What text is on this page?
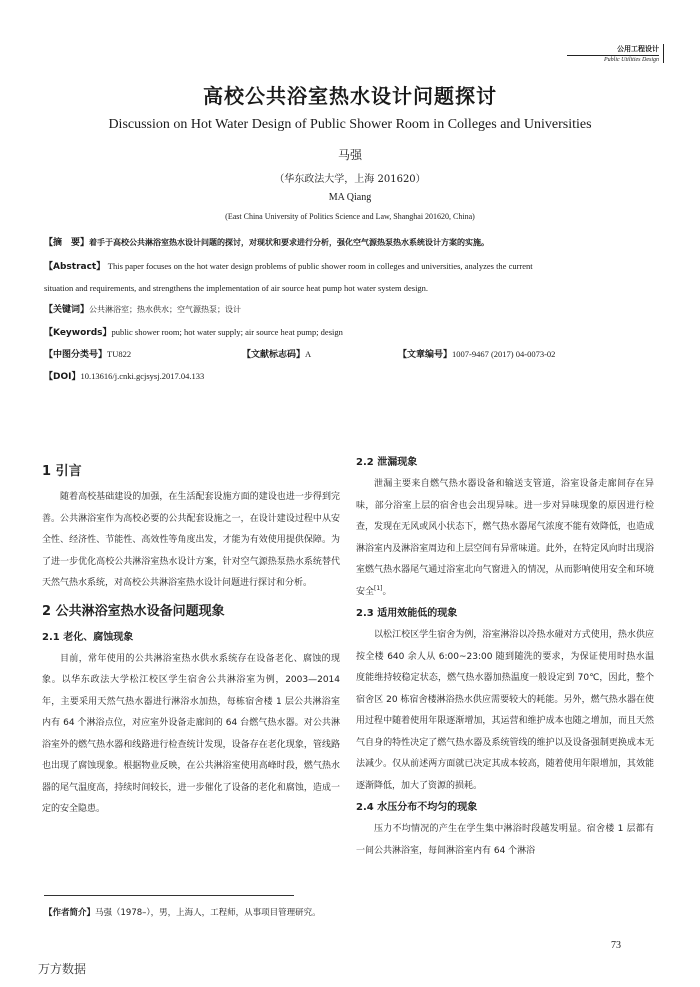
公用工程设计
Public Utilities Design
高校公共浴室热水设计问题探讨
Discussion on Hot Water Design of Public Shower Room in Colleges and Universities
马强
（华东政法大学，上海 201620）
MA Qiang
(East China University of Politics Science and Law, Shanghai 201620, China)
【摘　要】着手于高校公共淋浴室热水设计问题的探讨，对现状和要求进行分析，强化空气源热泵热水系统设计方案的实施。
【Abstract】 This paper focuses on the hot water design problems of public shower room in colleges and universities, analyzes the current
situation and requirements, and strengthens the implementation of air source heat pump hot water system design.
【关键词】公共淋浴室；热水供水；空气源热泵；设计
【Keywords】public shower room; hot water supply; air source heat pump; design
【中图分类号】TU822	【文献标志码】A	【文章编号】1007-9467 (2017) 04-0073-02
【DOI】10.13616/j.cnki.gcjsysj.2017.04.133
1 引言

随着高校基础建设的加强，在生活配套设施方面的建设也进一步得到完善。公共淋浴室作为高校必要的公共配套设施之一，在设计建设过程中从安全性、经济性、节能性、高效性等角度出发，才能为有效使用提供保障。为了进一步优化高校公共淋浴室热水设计方案，针对空气源热泵热水系统替代天然气热水系统，对高校公共淋浴室热水设计问题进行探讨和分析。

2 公共淋浴室热水设备问题现象
2.1 老化、腐蚀现象

目前，常年使用的公共淋浴室热水供水系统存在设备老化、腐蚀的现象。以华东政法大学松江校区学生宿舍公共淋浴室为例，2003—2014 年，主要采用天然气热水器进行淋浴水加热，每栋宿舍楼 1 层公共淋浴室内有 64 个淋浴点位，对应室外设备走廊间的 64 台燃气热水器。对公共淋浴室外的燃气热水器和线路进行检查统计发现，设备存在老化现象，管线路也出现了腐蚀现象。根据物业反映，在公共淋浴室使用高峰时段，燃气热水器的尾气温度高，持续时间较长，进一步催化了设备的老化和腐蚀，造成一定的安全隐患。

2.2 泄漏现象

泄漏主要来自燃气热水器设备和输送支管道，浴室设备走廊间存在异味，部分浴室上层的宿舍也会出现异味。进一步对异味现象的原因进行检查，发现在无风或风小状态下，燃气热水器尾气浓度不能有效降低，也造成淋浴室内及淋浴室周边和上层空间有异常味道。此外，在特定风向时出现浴室燃气热水器尾气通过浴室北向气窗进入的情况，从而影响使用安全和环境安全[1]。

2.3 适用效能低的现象

以松江校区学生宿舍为例，浴室淋浴以冷热水碰对方式使用，热水供应按全楼 640 余人从 6:00~23:00 随到随洗的要求，为保证使用时热水温度能维持较稳定状态，燃气热水器加热温度一般设定到 70℃，因此，整个宿舍区 20 栋宿舍楼淋浴热水供应需要较大的耗能。另外，燃气热水器在使用过程中随着使用年限逐渐增加，其运营和维护成本也随之增加，而且天然气自身的特性决定了燃气热水器及系统管线的维护以及设备强制更换成本无法减少。仅从前述两方面就已决定其成本较高，随着使用年限增加，其效能逐渐降低，加大了资源的损耗。

2.4 水压分布不均匀的现象

压力不均情况的产生在学生集中淋浴时段越发明显。宿舍楼 1 层都有一间公共淋浴室，每间淋浴室内有 64 个淋浴

【作者简介】马强（1978–），男，上海人，工程师，从事项目管理研究。
73
万方数据
